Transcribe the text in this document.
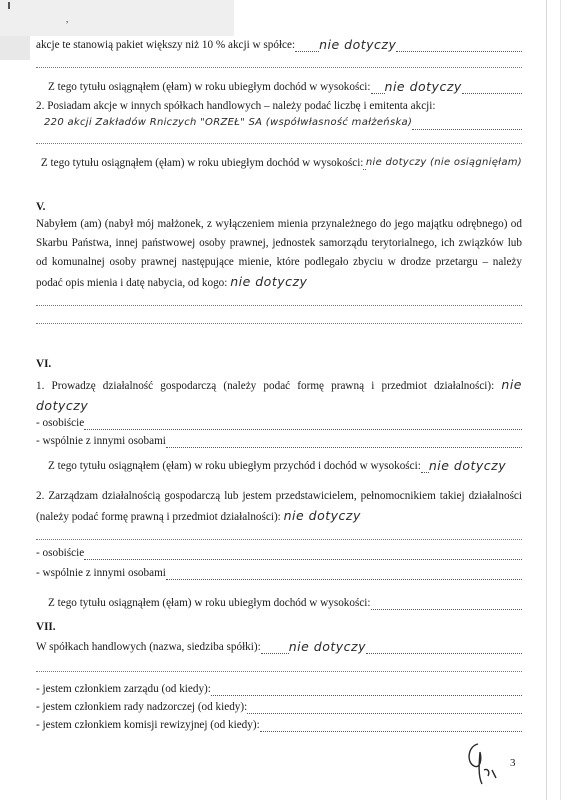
,
akcje te stanowią pakiet większy niż 10 % akcji w spółce: nie dotyczy
Z tego tytułu osiągnąłem (ęłam) w roku ubiegłym dochód w wysokości: nie dotyczy
2. Posiadam akcje w innych spółkach handlowych – należy podać liczbę i emitenta akcji:
220 akcji Zakładów Rniczych "ORZEŁ" SA (współwłasność małżeńska)
Z tego tytułu osiągnąłem (ęłam) w roku ubiegłym dochód w wysokości: nie dotyczy (nie osiągnięłam)
V.
Nabyłem (am) (nabył mój małżonek, z wyłączeniem mienia przynależnego do jego majątku odrębnego) od Skarbu Państwa, innej państwowej osoby prawnej, jednostek samorządu terytorialnego, ich związków lub od komunalnej osoby prawnej następujące mienie, które podlegało zbyciu w drodze przetargu – należy podać opis mienia i datę nabycia, od kogo: nie dotyczy
VI.
1. Prowadzę działalność gospodarczą (należy podać formę prawną i przedmiot działalności): nie dotyczy
- osobiście
- wspólnie z innymi osobami
Z tego tytułu osiągnąłem (ęłam) w roku ubiegłym przychód i dochód w wysokości: nie dotyczy
2. Zarządzam działalnością gospodarczą lub jestem przedstawicielem, pełnomocnikiem takiej działalności (należy podać formę prawną i przedmiot działalności): nie dotyczy
- osobiście
- wspólnie z innymi osobami
Z tego tytułu osiągnąłem (ęłam) w roku ubiegłym dochód w wysokości:
VII.
W spółkach handlowych (nazwa, siedziba spółki): nie dotyczy
- jestem członkiem zarządu (od kiedy):
- jestem członkiem rady nadzorczej (od kiedy):
- jestem członkiem komisji rewizyjnej (od kiedy):
3
